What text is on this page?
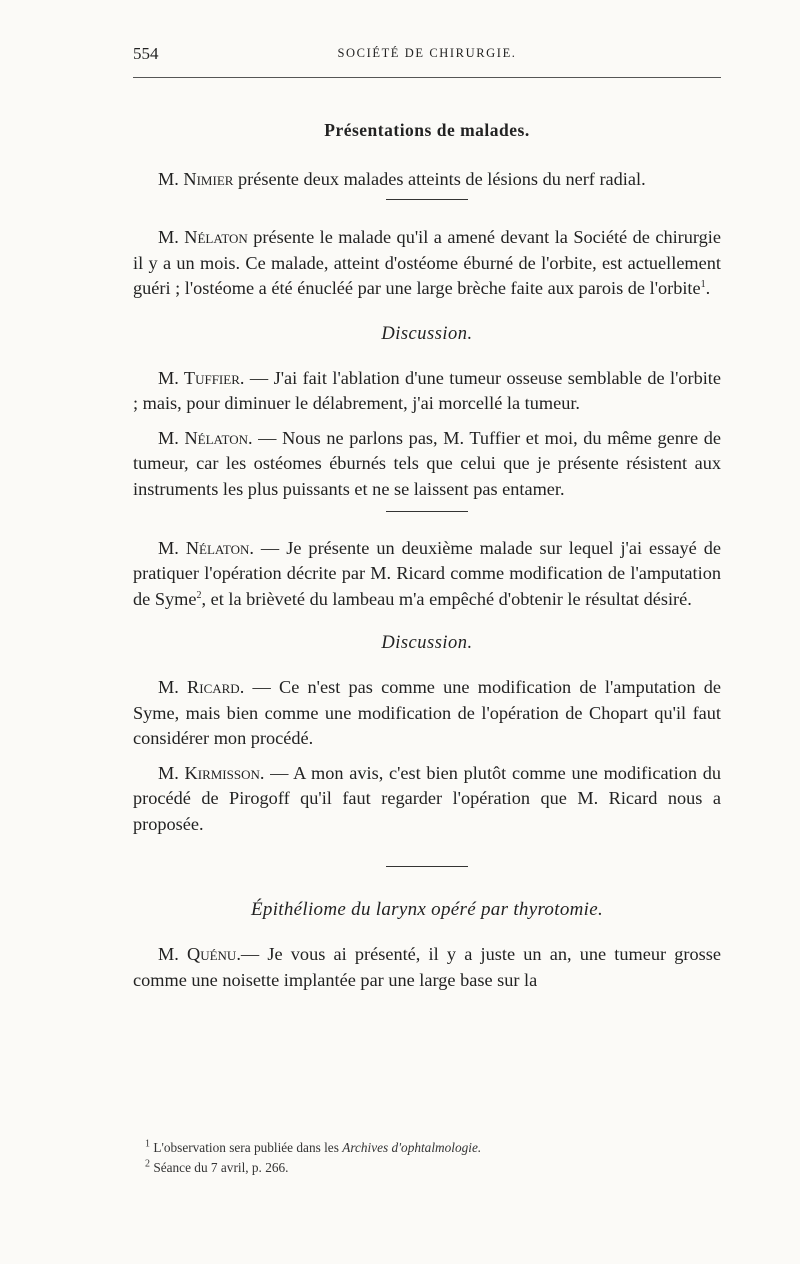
554	SOCIÉTÉ DE CHIRURGIE.
Présentations de malades.

M. Nimier présente deux malades atteints de lésions du nerf radial.

M. Nélaton présente le malade qu'il a amené devant la Société de chirurgie il y a un mois. Ce malade, atteint d'ostéome éburné de l'orbite, est actuellement guéri ; l'ostéome a été énucléé par une large brèche faite aux parois de l'orbite$^1$.

Discussion.

M. Tuffier. — J'ai fait l'ablation d'une tumeur osseuse semblable de l'orbite ; mais, pour diminuer le délabrement, j'ai morcellé la tumeur.

M. Nélaton. — Nous ne parlons pas, M. Tuffier et moi, du même genre de tumeur, car les ostéomes éburnés tels que celui que je présente résistent aux instruments les plus puissants et ne se laissent pas entamer.

M. Nélaton. — Je présente un deuxième malade sur lequel j'ai essayé de pratiquer l'opération décrite par M. Ricard comme modification de l'amputation de Syme$^2$, et la brièveté du lambeau m'a empêché d'obtenir le résultat désiré.

Discussion.

M. Ricard. — Ce n'est pas comme une modification de l'amputation de Syme, mais bien comme une modification de l'opération de Chopart qu'il faut considérer mon procédé.

M. Kirmisson. — A mon avis, c'est bien plutôt comme une modification du procédé de Pirogoff qu'il faut regarder l'opération que M. Ricard nous a proposée.

Épithéliome du larynx opéré par thyrotomie.

M. Quénu.— Je vous ai présenté, il y a juste un an, une tumeur grosse comme une noisette implantée par une large base sur la

$^1$ L'observation sera publiée dans les Archives d'ophtalmologie.
$^2$ Séance du 7 avril, p. 266.
